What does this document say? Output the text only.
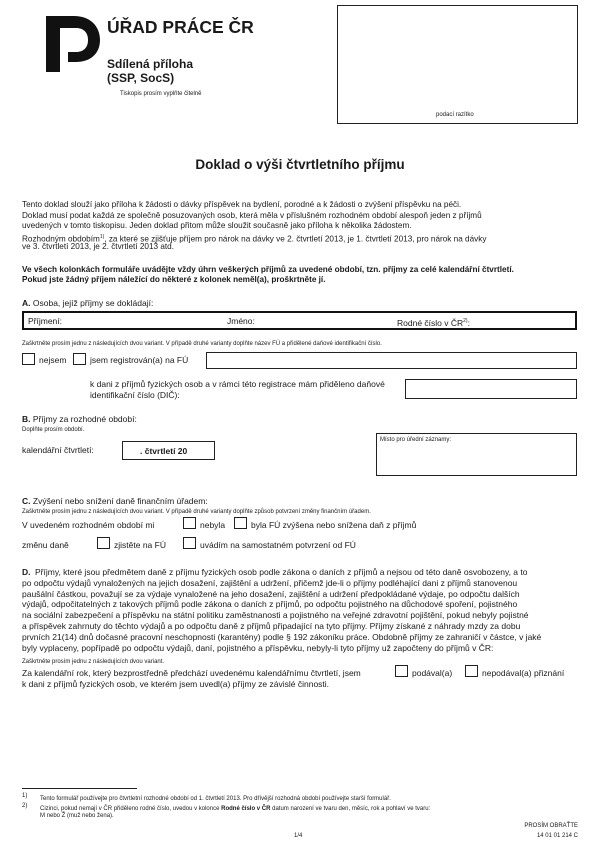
ÚŘAD PRÁCE ČR
Sdílená příloha
(SSP, SocS)
Tiskopis prosím vyplňte čitelně
podací razítko
Doklad o výši čtvrtletního příjmu
Tento doklad slouží jako příloha k žádosti o dávky příspěvek na bydlení, porodné a k žádosti o zvýšení příspěvku na péči.
Doklad musí podat každá ze společně posuzovaných osob, která měla v příslušném rozhodném období alespoň jeden z příjmů
uvedených v tomto tiskopisu. Jeden doklad přitom může sloužit současně jako příloha k několika žádostem.
Rozhodným obdobím$^{1)}$, za které se zjišťuje příjem pro nárok na dávky ve 2. čtvrtletí 2013, je 1. čtvrtletí 2013, pro nárok na dávky
ve 3. čtvrtletí 2013, je 2. čtvrtletí 2013 atd.
Ve všech kolonkách formuláře uvádějte vždy úhrn veškerých příjmů za uvedené období, tzn. příjmy za celé kalendářní čtvrtletí.
Pokud jste žádný příjem náležící do některé z kolonek neměl(a), proškrtněte jí.
A. Osoba, jejíž příjmy se dokládají:
Příjmení:	Jméno:	Rodné číslo v ČR$^{2)}$:
Zaškrtněte prosím jednu z následujících dvou variant. V případě druhé varianty doplňte název FÚ a přidělené daňové identifikační číslo.
nejsem	jsem registrován(a) na FÚ
k dani z příjmů fyzických osob a v rámci této registrace mám přiděleno daňové
identifikační číslo (DIČ):
B. Příjmy za rozhodné období:
Doplňte prosím období.
kalendářní čtvrtletí:	. čtvrtletí 20
Místo pro úřední záznamy:
C. Zvýšení nebo snížení daně finančním úřadem:
Zaškrtněte prosím jednu z následujících dvou variant. V případě druhé varianty doplňte způsob potvrzení změny finančním úřadem.
V uvedeném rozhodném období mi	nebyla	byla FÚ zvýšena nebo snížena daň z příjmů
změnu daně	zjistěte na FÚ	uvádím na samostatném potvrzení od FÚ
D. Příjmy, které jsou předmětem daně z příjmu fyzických osob podle zákona o daních z příjmů a nejsou od této daně osvobozeny, a to
po odpočtu výdajů vynaložených na jejich dosažení, zajištění a udržení, přičemž jde-li o příjmy podléhající dani z příjmů stanovenou
paušální částkou, považují se za výdaje vynaložené na jeho dosažení, zajištění a udržení předpokládané výdaje, po odpočtu dalších
výdajů, odpočitatelných z takových příjmů podle zákona o daních z příjmů, po odpočtu pojistného na důchodové spoření, pojistného
na sociální zabezpečení a příspěvku na státní politiku zaměstnanosti a pojistného na veřejné zdravotní pojištění, pokud nebyly pojistné
a příspěvek zahrnuty do těchto výdajů a po odpočtu daně z příjmů připadající na tyto příjmy. Příjmy získané z náhrady mzdy za dobu
prvních 21(14) dnů dočasné pracovní neschopnosti (karantény) podle § 192 zákoníku práce. Obdobně příjmy ze zahraničí v částce, v jaké
byly vyplaceny, popřípadě po odpočtu výdajů, daní, pojistného a příspěvku, nebyly-li tyto příjmy už započteny do příjmů v ČR:
Zaškrtněte prosím jednu z následujících dvou variant.
Za kalendářní rok, který bezprostředně předchází uvedenému kalendářnímu čtvrtletí, jsem	podával(a)	nepodával(a) přiznání
k dani z příjmů fyzických osob, ve kterém jsem uvedl(a) příjmy ze závislé činnosti.
1) Tento formulář používejte pro čtvrtletní rozhodné období od 1. čtvrtletí 2013. Pro dřívější rozhodná období používejte starší formulář.
2) Cizinci, pokud nemají v ČR přiděleno rodné číslo, uvedou v kolonce Rodné číslo v ČR datum narození ve tvaru den, měsíc, rok a pohlaví ve tvaru:
M nebo Ž (muž nebo žena).
PROSÍM OBRAŤTE
1/4	14 01 01 214 C
